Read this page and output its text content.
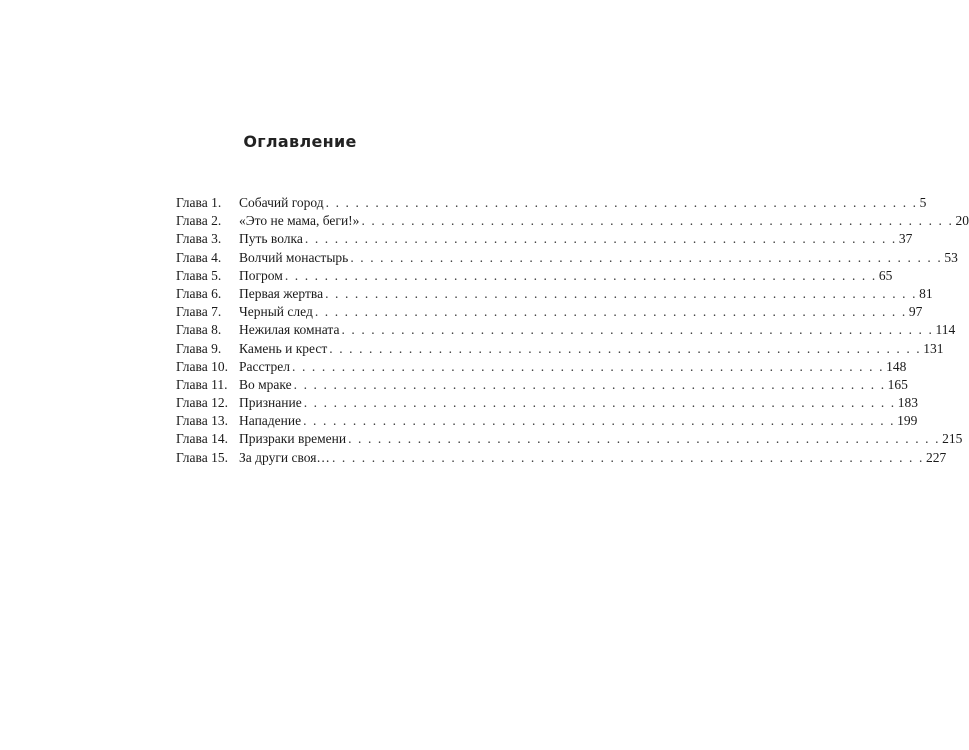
Оглавление
Глава 1.	Собачий город . . . . . . . . . . . . . . . . . . . . . . . . . . . . . . . . . . . . . . . . . . . . . . . . . . . . . . . . . . . . 5
Глава 2.	«Это не мама, беги!» . . . . . . . . . . . . . . . . . . . . . . . . . . . . . . . . . . . . . . . . . . . . . . . . . . . . . . . . . . . . 20
Глава 3.	Путь волка . . . . . . . . . . . . . . . . . . . . . . . . . . . . . . . . . . . . . . . . . . . . . . . . . . . . . . . . . . . . 37
Глава 4.	Волчий монастырь . . . . . . . . . . . . . . . . . . . . . . . . . . . . . . . . . . . . . . . . . . . . . . . . . . . . . . . . . . . . 53
Глава 5.	Погром . . . . . . . . . . . . . . . . . . . . . . . . . . . . . . . . . . . . . . . . . . . . . . . . . . . . . . . . . . . . 65
Глава 6.	Первая жертва . . . . . . . . . . . . . . . . . . . . . . . . . . . . . . . . . . . . . . . . . . . . . . . . . . . . . . . . . . . . 81
Глава 7.	Черный след . . . . . . . . . . . . . . . . . . . . . . . . . . . . . . . . . . . . . . . . . . . . . . . . . . . . . . . . . . . . 97
Глава 8.	Нежилая комната . . . . . . . . . . . . . . . . . . . . . . . . . . . . . . . . . . . . . . . . . . . . . . . . . . . . . . . . . . . . 114
Глава 9.	Камень и крест . . . . . . . . . . . . . . . . . . . . . . . . . . . . . . . . . . . . . . . . . . . . . . . . . . . . . . . . . . . . 131
Глава 10. Расстрел . . . . . . . . . . . . . . . . . . . . . . . . . . . . . . . . . . . . . . . . . . . . . . . . . . . . . . . . . . . . 148
Глава 11. Во мраке . . . . . . . . . . . . . . . . . . . . . . . . . . . . . . . . . . . . . . . . . . . . . . . . . . . . . . . . . . . . 165
Глава 12. Признание . . . . . . . . . . . . . . . . . . . . . . . . . . . . . . . . . . . . . . . . . . . . . . . . . . . . . . . . . . . . 183
Глава 13. Нападение . . . . . . . . . . . . . . . . . . . . . . . . . . . . . . . . . . . . . . . . . . . . . . . . . . . . . . . . . . . . 199
Глава 14. Призраки времени . . . . . . . . . . . . . . . . . . . . . . . . . . . . . . . . . . . . . . . . . . . . . . . . . . . . . . . . . . . . 215
Глава 15. За други своя… . . . . . . . . . . . . . . . . . . . . . . . . . . . . . . . . . . . . . . . . . . . . . . . . . . . . . . . . . . . . 227
